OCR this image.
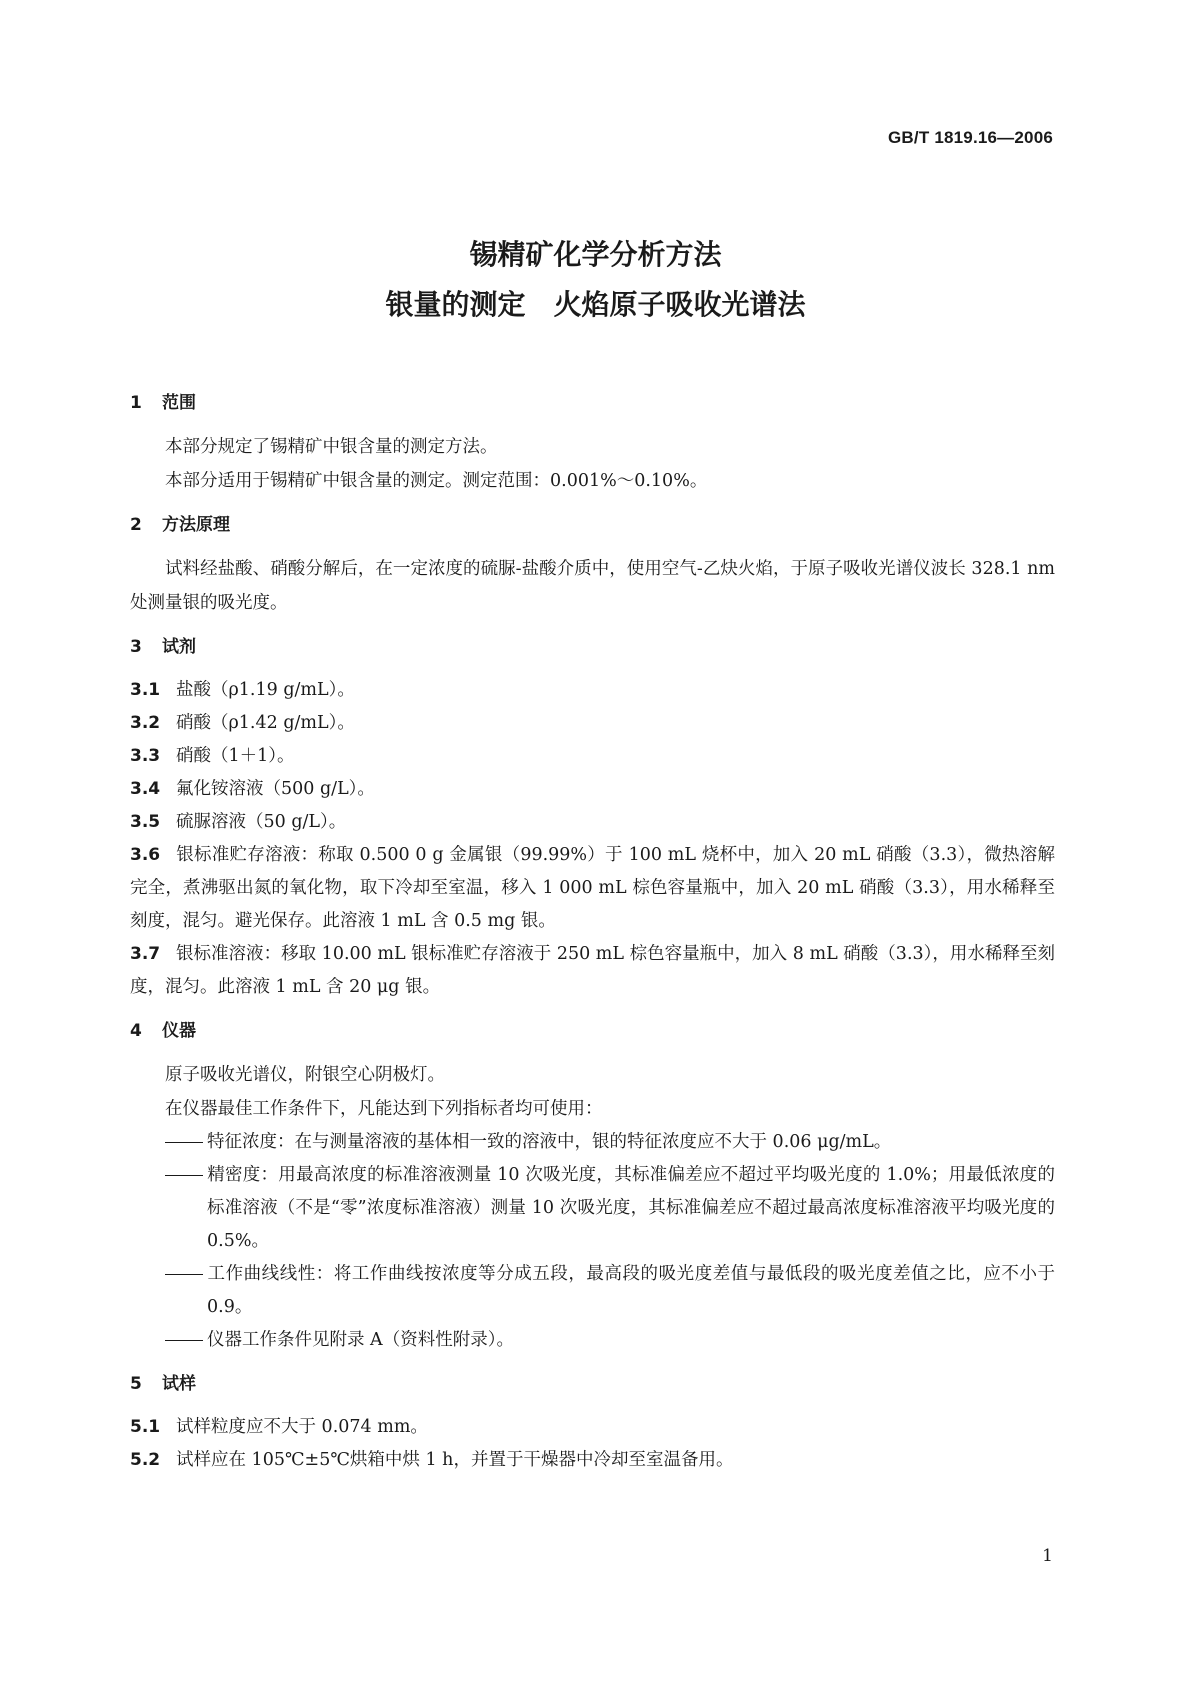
GB/T 1819.16—2006
锡精矿化学分析方法
银量的测定　火焰原子吸收光谱法
1 范围
本部分规定了锡精矿中银含量的测定方法。
本部分适用于锡精矿中银含量的测定。测定范围：0.001%～0.10%。
2 方法原理
试料经盐酸、硝酸分解后，在一定浓度的硫脲-盐酸介质中，使用空气-乙炔火焰，于原子吸收光谱仪波长 328.1 nm 处测量银的吸光度。
3 试剂
3.1 盐酸（ρ1.19 g/mL）。
3.2 硝酸（ρ1.42 g/mL）。
3.3 硝酸（1＋1）。
3.4 氟化铵溶液（500 g/L）。
3.5 硫脲溶液（50 g/L）。
3.6 银标准贮存溶液：称取 0.500 0 g 金属银（99.99%）于 100 mL 烧杯中，加入 20 mL 硝酸（3.3），微热溶解完全，煮沸驱出氮的氧化物，取下冷却至室温，移入 1 000 mL 棕色容量瓶中，加入 20 mL 硝酸（3.3），用水稀释至刻度，混匀。避光保存。此溶液 1 mL 含 0.5 mg 银。
3.7 银标准溶液：移取 10.00 mL 银标准贮存溶液于 250 mL 棕色容量瓶中，加入 8 mL 硝酸（3.3），用水稀释至刻度，混匀。此溶液 1 mL 含 20 μg 银。
4 仪器
原子吸收光谱仪，附银空心阴极灯。
在仪器最佳工作条件下，凡能达到下列指标者均可使用：
特征浓度：在与测量溶液的基体相一致的溶液中，银的特征浓度应不大于 0.06 μg/mL。
精密度：用最高浓度的标准溶液测量 10 次吸光度，其标准偏差应不超过平均吸光度的 1.0%；用最低浓度的标准溶液（不是“零”浓度标准溶液）测量 10 次吸光度，其标准偏差应不超过最高浓度标准溶液平均吸光度的 0.5%。
工作曲线线性：将工作曲线按浓度等分成五段，最高段的吸光度差值与最低段的吸光度差值之比，应不小于 0.9。
仪器工作条件见附录 A（资料性附录）。
5 试样
5.1 试样粒度应不大于 0.074 mm。
5.2 试样应在 105℃±5℃烘箱中烘 1 h，并置于干燥器中冷却至室温备用。
1
